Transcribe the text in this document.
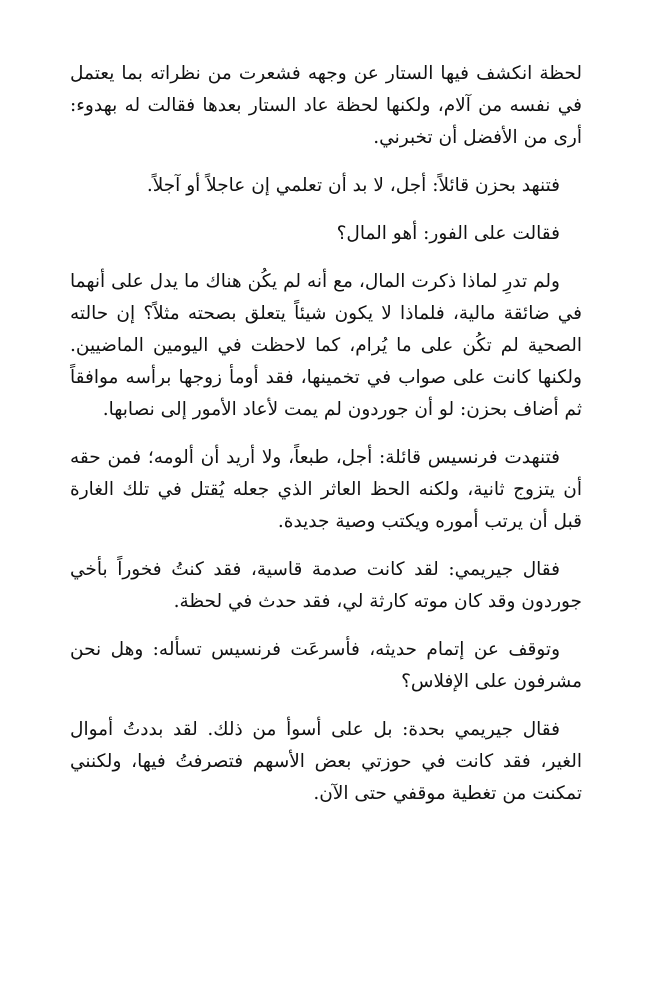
لحظة انكشف فيها الستار عن وجهه فشعرت من نظراته بما يعتمل في نفسه من آلام، ولكنها لحظة عاد الستار بعدها فقالت له بهدوء: أرى من الأفضل أن تخبرني.

فتنهد بحزن قائلاً: أجل، لا بد أن تعلمي إن عاجلاً أو آجلاً.

فقالت على الفور: أهو المال؟

ولم تدرِ لماذا ذكرت المال، مع أنه لم يكُن هناك ما يدل على أنهما في ضائقة مالية، فلماذا لا يكون شيئاً يتعلق بصحته مثلاً؟ إن حالته الصحية لم تكُن على ما يُرام، كما لاحظت في اليومين الماضيين. ولكنها كانت على صواب في تخمينها، فقد أومأ زوجها برأسه موافقاً ثم أضاف بحزن: لو أن جوردون لم يمت لأعاد الأمور إلى نصابها.

فتنهدت فرنسيس قائلة: أجل، طبعاً، ولا أريد أن ألومه؛ فمن حقه أن يتزوج ثانية، ولكنه الحظ العاثر الذي جعله يُقتل في تلك الغارة قبل أن يرتب أموره ويكتب وصية جديدة.

فقال جيريمي: لقد كانت صدمة قاسية، فقد كنتُ فخوراً بأخي جوردون وقد كان موته كارثة لي، فقد حدث في لحظة.

وتوقف عن إتمام حديثه، فأسرعَت فرنسيس تسأله: وهل نحن مشرفون على الإفلاس؟

فقال جيريمي بحدة: بل على أسوأ من ذلك. لقد بددتُ أموال الغير، فقد كانت في حوزتي بعض الأسهم فتصرفتُ فيها، ولكنني تمكنت من تغطية موقفي حتى الآن.
